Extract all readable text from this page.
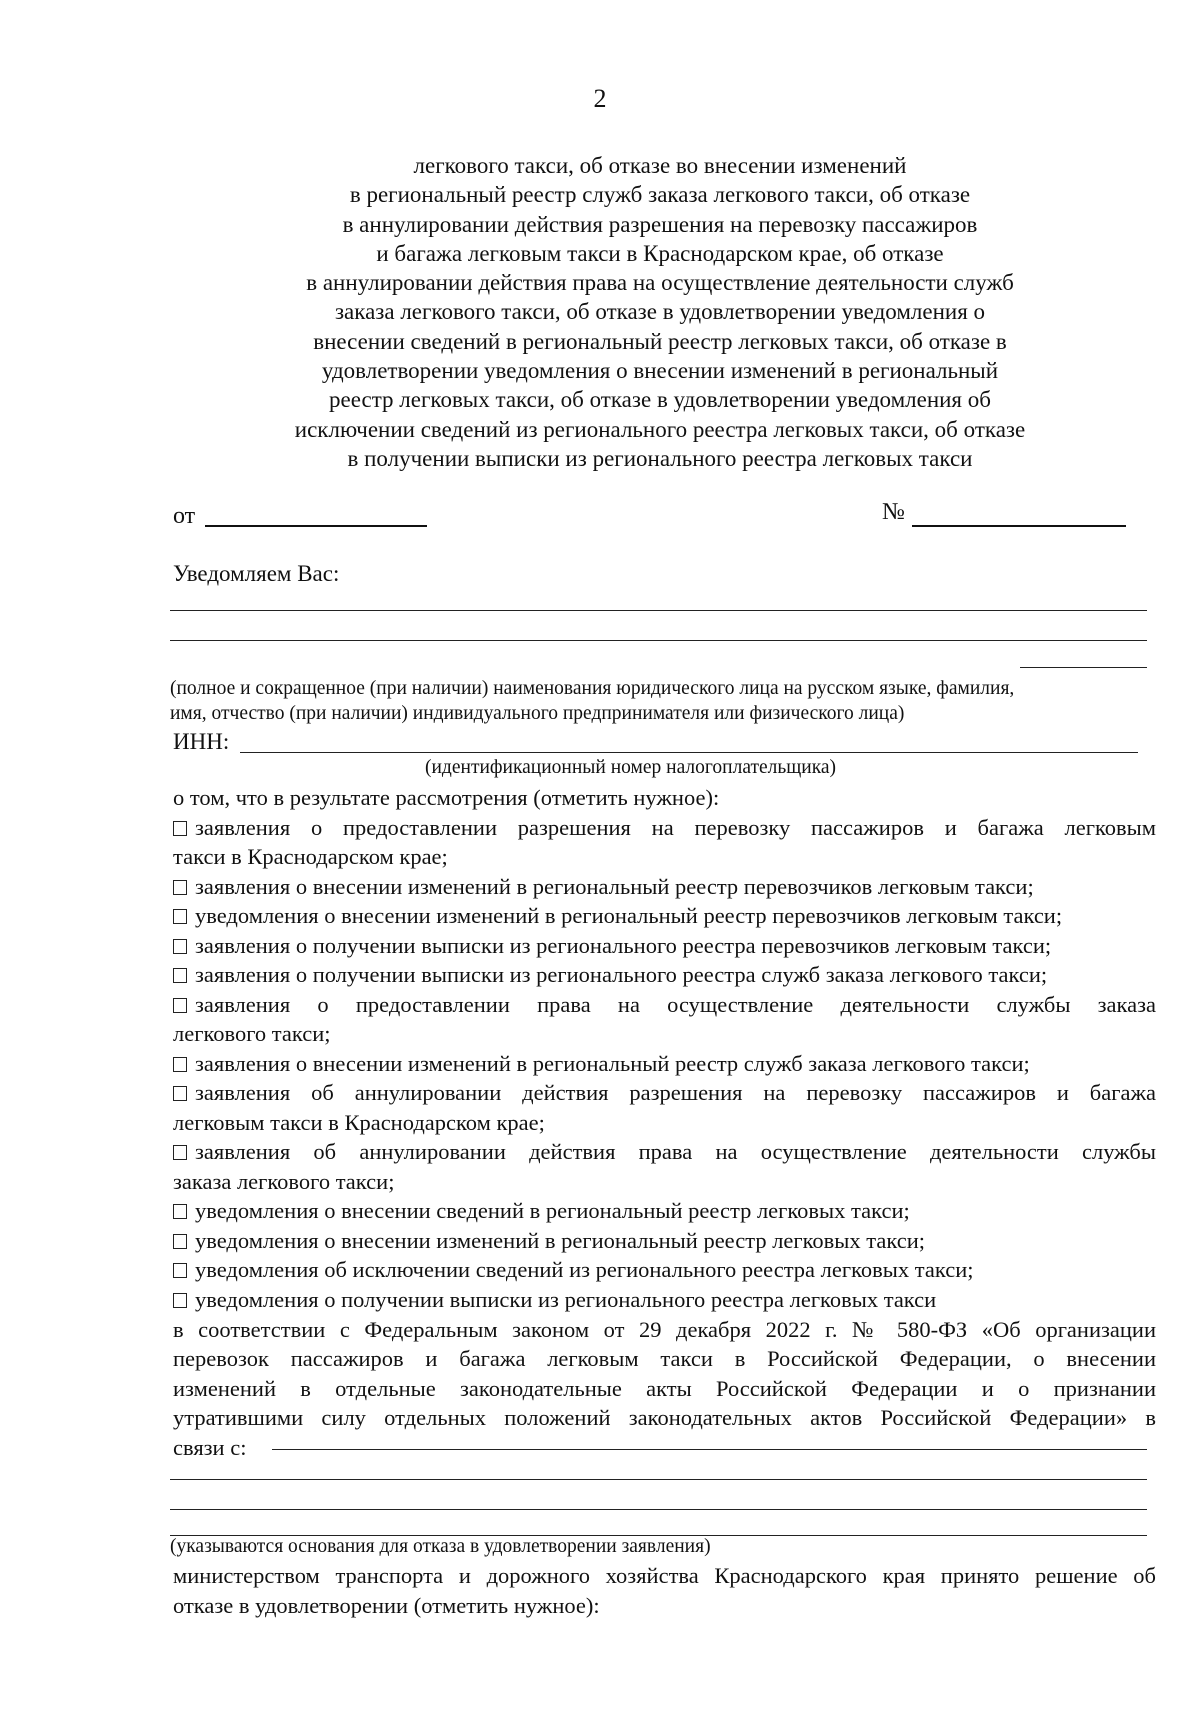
2
легкового такси, об отказе во внесении изменений
в региональный реестр служб заказа легкового такси, об отказе
в аннулировании действия разрешения на перевозку пассажиров
и багажа легковым такси в Краснодарском крае, об отказе
в аннулировании действия права на осуществление деятельности служб
заказа легкового такси, об отказе в удовлетворении уведомления о
внесении сведений в региональный реестр легковых такси, об отказе в
удовлетворении уведомления о внесении изменений в региональный
реестр легковых такси, об отказе в удовлетворении уведомления об
исключении сведений из регионального реестра легковых такси, об отказе
в получении выписки из регионального реестра легковых такси
от	№
Уведомляем Вас:
(полное и сокращенное (при наличии) наименования юридического лица на русском языке, фамилия,
имя, отчество (при наличии) индивидуального предпринимателя или физического лица)
ИНН:
(идентификационный номер налогоплательщика)
о том, что в результате рассмотрения (отметить нужное):
заявления о предоставлении разрешения на перевозку пассажиров и багажа легковым
такси в Краснодарском крае;
заявления о внесении изменений в региональный реестр перевозчиков легковым такси;
уведомления о внесении изменений в региональный реестр перевозчиков легковым такси;
заявления о получении выписки из регионального реестра перевозчиков легковым такси;
заявления о получении выписки из регионального реестра служб заказа легкового такси;
заявления о предоставлении права на осуществление деятельности службы заказа
легкового такси;
заявления о внесении изменений в региональный реестр служб заказа легкового такси;
заявления об аннулировании действия разрешения на перевозку пассажиров и багажа
легковым такси в Краснодарском крае;
заявления об аннулировании действия права на осуществление деятельности службы
заказа легкового такси;
уведомления о внесении сведений в региональный реестр легковых такси;
уведомления о внесении изменений в региональный реестр легковых такси;
уведомления об исключении сведений из регионального реестра легковых такси;
уведомления о получении выписки из регионального реестра легковых такси
в соответствии с Федеральным законом от 29 декабря 2022 г. № 580-ФЗ «Об организации
перевозок пассажиров и багажа легковым такси в Российской Федерации, о внесении
изменений в отдельные законодательные акты Российской Федерации и о признании
утратившими силу отдельных положений законодательных актов Российской Федерации» в
связи с:
(указываются основания для отказа в удовлетворении заявления)
министерством транспорта и дорожного хозяйства Краснодарского края принято решение об
отказе в удовлетворении (отметить нужное):
